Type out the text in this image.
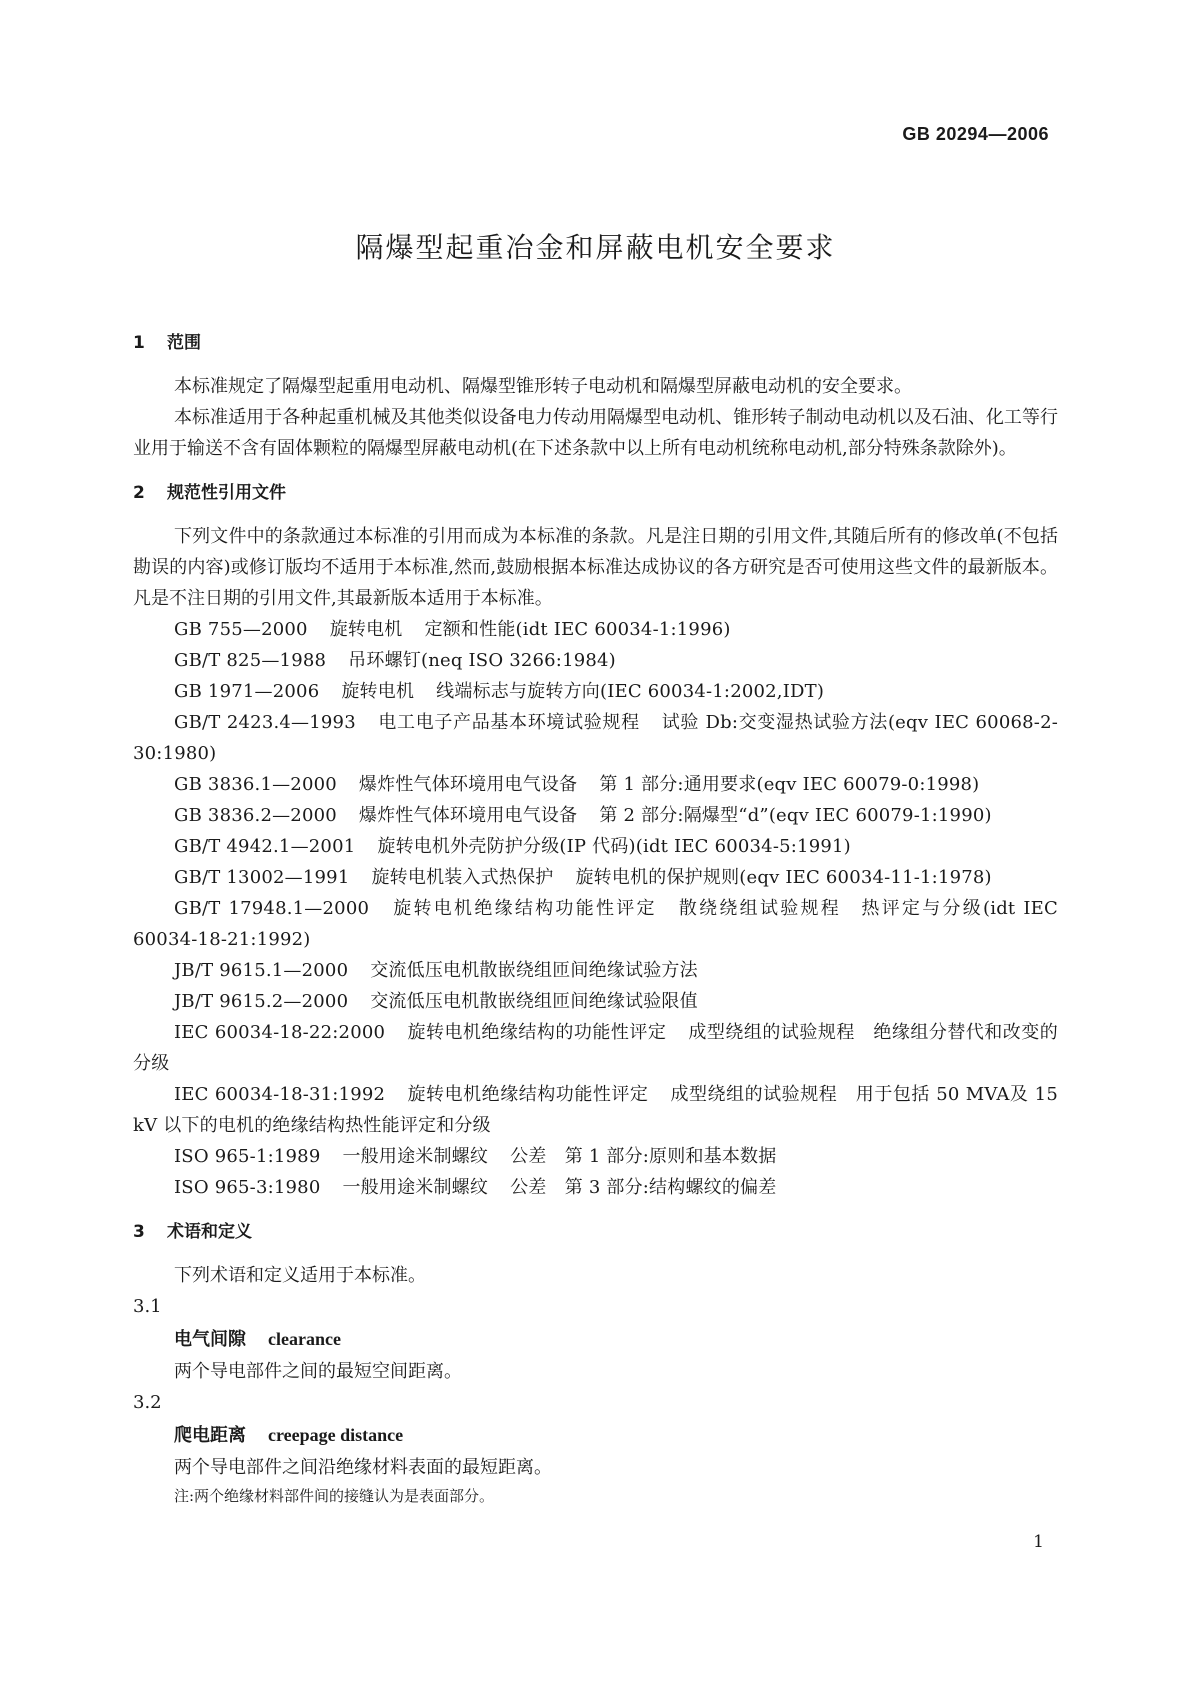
GB 20294—2006
隔爆型起重冶金和屏蔽电机安全要求
1 范围

本标准规定了隔爆型起重用电动机、隔爆型锥形转子电动机和隔爆型屏蔽电动机的安全要求。

本标准适用于各种起重机械及其他类似设备电力传动用隔爆型电动机、锥形转子制动电动机以及石油、化工等行业用于输送不含有固体颗粒的隔爆型屏蔽电动机(在下述条款中以上所有电动机统称电动机,部分特殊条款除外)。

2 规范性引用文件

下列文件中的条款通过本标准的引用而成为本标准的条款。凡是注日期的引用文件,其随后所有的修改单(不包括勘误的内容)或修订版均不适用于本标准,然而,鼓励根据本标准达成协议的各方研究是否可使用这些文件的最新版本。凡是不注日期的引用文件,其最新版本适用于本标准。

GB 755—2000 旋转电机 定额和性能(idt IEC 60034-1:1996)

GB/T 825—1988 吊环螺钉(neq ISO 3266:1984)

GB 1971—2006 旋转电机 线端标志与旋转方向(IEC 60034-1:2002,IDT)

GB/T 2423.4—1993 电工电子产品基本环境试验规程 试验 Db:交变湿热试验方法(eqv IEC 60068-2-30:1980)

GB 3836.1—2000 爆炸性气体环境用电气设备 第 1 部分:通用要求(eqv IEC 60079-0:1998)

GB 3836.2—2000 爆炸性气体环境用电气设备 第 2 部分:隔爆型“d”(eqv IEC 60079-1:1990)

GB/T 4942.1—2001 旋转电机外壳防护分级(IP 代码)(idt IEC 60034-5:1991)

GB/T 13002—1991 旋转电机装入式热保护 旋转电机的保护规则(eqv IEC 60034-11-1:1978)

GB/T 17948.1—2000 旋转电机绝缘结构功能性评定 散绕绕组试验规程　热评定与分级(idt IEC 60034-18-21:1992)

JB/T 9615.1—2000 交流低压电机散嵌绕组匝间绝缘试验方法

JB/T 9615.2—2000 交流低压电机散嵌绕组匝间绝缘试验限值

IEC 60034-18-22:2000 旋转电机绝缘结构的功能性评定 成型绕组的试验规程　绝缘组分替代和改变的分级

IEC 60034-18-31:1992 旋转电机绝缘结构功能性评定 成型绕组的试验规程　用于包括 50 MVA及 15 kV 以下的电机的绝缘结构热性能评定和分级

ISO 965-1:1989 一般用途米制螺纹 公差　第 1 部分:原则和基本数据

ISO 965-3:1980 一般用途米制螺纹 公差　第 3 部分:结构螺纹的偏差

3 术语和定义

下列术语和定义适用于本标准。

3.1

电气间隙 clearance

两个导电部件之间的最短空间距离。

3.2

爬电距离 creepage distance

两个导电部件之间沿绝缘材料表面的最短距离。

注:两个绝缘材料部件间的接缝认为是表面部分。

1
